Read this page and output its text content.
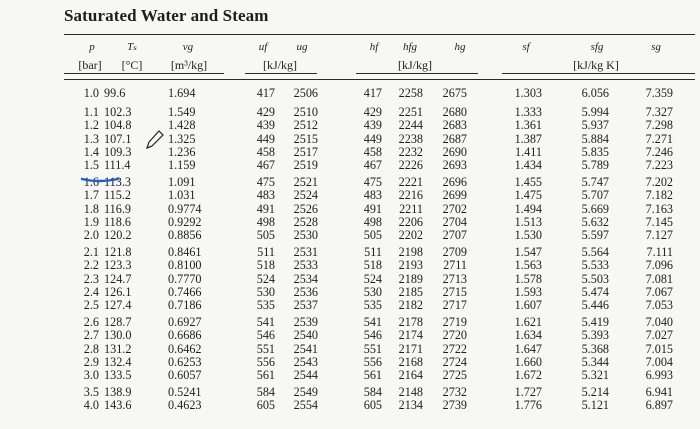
Saturated Water and Steam
p	Tₛ	vg	uf	ug	hf	hfg	hg	sf	sfg	sg
[bar]	[°C]	[m³/kg]	[kJ/kg]	[kJ/kg]	[kJ/kg K]
1.0 99.6	1.694	417	2506	417	2258	2675	1.303	6.056	7.359
1.1 102.3	1.549	429	2510	429	2251	2680	1.333	5.994	7.327
1.2 104.8	1.428	439	2512	439	2244	2683	1.361	5.937	7.298
1.3 107.1	1.325	449	2515	449	2238	2687	1.387	5.884	7.271
1.4 109.3	1.236	458	2517	458	2232	2690	1.411	5.835	7.246
1.5 111.4	1.159	467	2519	467	2226	2693	1.434	5.789	7.223
1.6 113.3	1.091	475	2521	475	2221	2696	1.455	5.747	7.202
1.7 115.2	1.031	483	2524	483	2216	2699	1.475	5.707	7.182
1.8 116.9	0.9774	491	2526	491	2211	2702	1.494	5.669	7.163
1.9 118.6	0.9292	498	2528	498	2206	2704	1.513	5.632	7.145
2.0 120.2	0.8856	505	2530	505	2202	2707	1.530	5.597	7.127
2.1 121.8	0.8461	511	2531	511	2198	2709	1.547	5.564	7.111
2.2 123.3	0.8100	518	2533	518	2193	2711	1.563	5.533	7.096
2.3 124.7	0.7770	524	2534	524	2189	2713	1.578	5.503	7.081
2.4 126.1	0.7466	530	2536	530	2185	2715	1.593	5.474	7.067
2.5 127.4	0.7186	535	2537	535	2182	2717	1.607	5.446	7.053
2.6 128.7	0.6927	541	2539	541	2178	2719	1.621	5.419	7.040
2.7 130.0	0.6686	546	2540	546	2174	2720	1.634	5.393	7.027
2.8 131.2	0.6462	551	2541	551	2171	2722	1.647	5.368	7.015
2.9 132.4	0.6253	556	2543	556	2168	2724	1.660	5.344	7.004
3.0 133.5	0.6057	561	2544	561	2164	2725	1.672	5.321	6.993
3.5 138.9	0.5241	584	2549	584	2148	2732	1.727	5.214	6.941
4.0 143.6	0.4623	605	2554	605	2134	2739	1.776	5.121	6.897
